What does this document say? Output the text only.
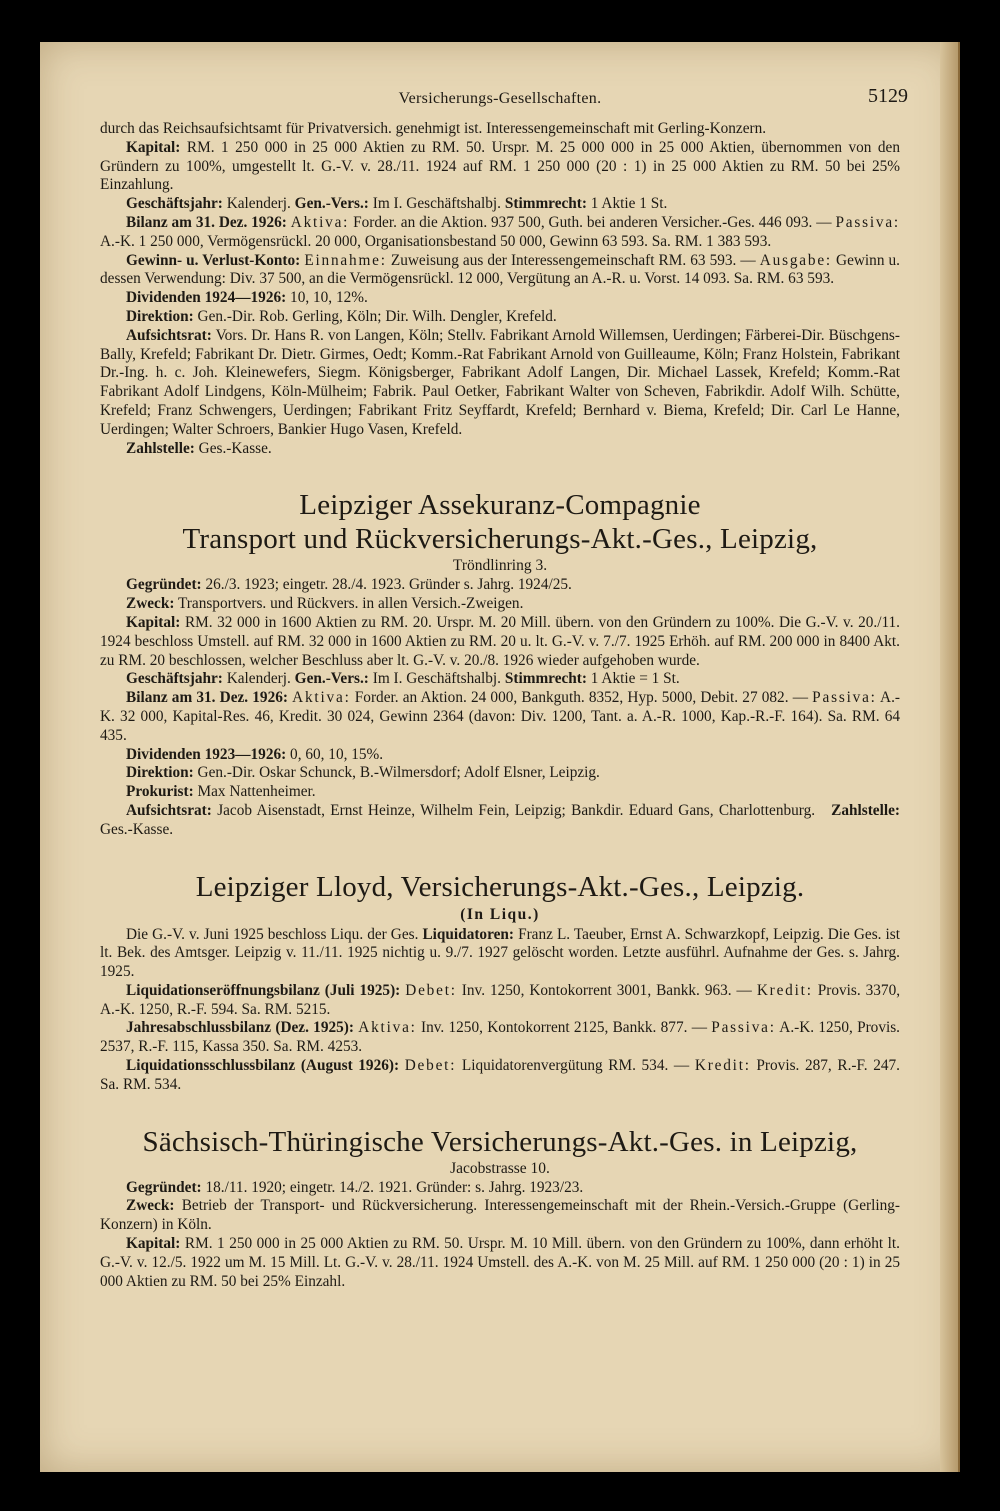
Versicherungs-Gesellschaften.	5129

durch das Reichsaufsichtsamt für Privatversich. genehmigt ist. Interessengemeinschaft mit Gerling-Konzern.

Kapital: RM. 1 250 000 in 25 000 Aktien zu RM. 50. Urspr. M. 25 000 000 in 25 000 Aktien, übernommen von den Gründern zu 100%, umgestellt lt. G.-V. v. 28./11. 1924 auf RM. 1 250 000 (20 : 1) in 25 000 Aktien zu RM. 50 bei 25% Einzahlung.

Geschäftsjahr: Kalenderj. Gen.-Vers.: Im I. Geschäftshalbj. Stimmrecht: 1 Aktie 1 St.

Bilanz am 31. Dez. 1926: Aktiva: Forder. an die Aktion. 937 500, Guth. bei anderen Versicher.-Ges. 446 093. — Passiva: A.-K. 1 250 000, Vermögensrückl. 20 000, Organisationsbestand 50 000, Gewinn 63 593. Sa. RM. 1 383 593.

Gewinn- u. Verlust-Konto: Einnahme: Zuweisung aus der Interessengemeinschaft RM. 63 593. — Ausgabe: Gewinn u. dessen Verwendung: Div. 37 500, an die Vermögensrückl. 12 000, Vergütung an A.-R. u. Vorst. 14 093. Sa. RM. 63 593.

Dividenden 1924—1926: 10, 10, 12%.

Direktion: Gen.-Dir. Rob. Gerling, Köln; Dir. Wilh. Dengler, Krefeld.

Aufsichtsrat: Vors. Dr. Hans R. von Langen, Köln; Stellv. Fabrikant Arnold Willemsen, Uerdingen; Färberei-Dir. Büschgens-Bally, Krefeld; Fabrikant Dr. Dietr. Girmes, Oedt; Komm.-Rat Fabrikant Arnold von Guilleaume, Köln; Franz Holstein, Fabrikant Dr.-Ing. h. c. Joh. Kleinewefers, Siegm. Königsberger, Fabrikant Adolf Langen, Dir. Michael Lassek, Krefeld; Komm.-Rat Fabrikant Adolf Lindgens, Köln-Mülheim; Fabrik. Paul Oetker, Fabrikant Walter von Scheven, Fabrikdir. Adolf Wilh. Schütte, Krefeld; Franz Schwengers, Uerdingen; Fabrikant Fritz Seyffardt, Krefeld; Bernhard v. Biema, Krefeld; Dir. Carl Le Hanne, Uerdingen; Walter Schroers, Bankier Hugo Vasen, Krefeld.

Zahlstelle: Ges.-Kasse.

Leipziger Assekuranz-Compagnie
Transport und Rückversicherungs-Akt.-Ges., Leipzig,
Tröndlinring 3.

Gegründet: 26./3. 1923; eingetr. 28./4. 1923. Gründer s. Jahrg. 1924/25.

Zweck: Transportvers. und Rückvers. in allen Versich.-Zweigen.

Kapital: RM. 32 000 in 1600 Aktien zu RM. 20. Urspr. M. 20 Mill. übern. von den Gründern zu 100%. Die G.-V. v. 20./11. 1924 beschloss Umstell. auf RM. 32 000 in 1600 Aktien zu RM. 20 u. lt. G.-V. v. 7./7. 1925 Erhöh. auf RM. 200 000 in 8400 Akt. zu RM. 20 beschlossen, welcher Beschluss aber lt. G.-V. v. 20./8. 1926 wieder aufgehoben wurde.

Geschäftsjahr: Kalenderj. Gen.-Vers.: Im I. Geschäftshalbj. Stimmrecht: 1 Aktie = 1 St.

Bilanz am 31. Dez. 1926: Aktiva: Forder. an Aktion. 24 000, Bankguth. 8352, Hyp. 5000, Debit. 27 082. — Passiva: A.-K. 32 000, Kapital-Res. 46, Kredit. 30 024, Gewinn 2364 (davon: Div. 1200, Tant. a. A.-R. 1000, Kap.-R.-F. 164). Sa. RM. 64 435.

Dividenden 1923—1926: 0, 60, 10, 15%.

Direktion: Gen.-Dir. Oskar Schunck, B.-Wilmersdorf; Adolf Elsner, Leipzig.

Prokurist: Max Nattenheimer.

Aufsichtsrat: Jacob Aisenstadt, Ernst Heinze, Wilhelm Fein, Leipzig; Bankdir. Eduard Gans, Charlottenburg. Zahlstelle: Ges.-Kasse.

Leipziger Lloyd, Versicherungs-Akt.-Ges., Leipzig.
(In Liqu.)

Die G.-V. v. Juni 1925 beschloss Liqu. der Ges. Liquidatoren: Franz L. Taeuber, Ernst A. Schwarzkopf, Leipzig. Die Ges. ist lt. Bek. des Amtsger. Leipzig v. 11./11. 1925 nichtig u. 9./7. 1927 gelöscht worden. Letzte ausführl. Aufnahme der Ges. s. Jahrg. 1925.

Liquidationseröffnungsbilanz (Juli 1925): Debet: Inv. 1250, Kontokorrent 3001, Bankk. 963. — Kredit: Provis. 3370, A.-K. 1250, R.-F. 594. Sa. RM. 5215.

Jahresabschlussbilanz (Dez. 1925): Aktiva: Inv. 1250, Kontokorrent 2125, Bankk. 877. — Passiva: A.-K. 1250, Provis. 2537, R.-F. 115, Kassa 350. Sa. RM. 4253.

Liquidationsschlussbilanz (August 1926): Debet: Liquidatorenvergütung RM. 534. — Kredit: Provis. 287, R.-F. 247. Sa. RM. 534.

Sächsisch-Thüringische Versicherungs-Akt.-Ges. in Leipzig,
Jacobstrasse 10.

Gegründet: 18./11. 1920; eingetr. 14./2. 1921. Gründer: s. Jahrg. 1923/23.

Zweck: Betrieb der Transport- und Rückversicherung. Interessengemeinschaft mit der Rhein.-Versich.-Gruppe (Gerling-Konzern) in Köln.

Kapital: RM. 1 250 000 in 25 000 Aktien zu RM. 50. Urspr. M. 10 Mill. übern. von den Gründern zu 100%, dann erhöht lt. G.-V. v. 12./5. 1922 um M. 15 Mill. Lt. G.-V. v. 28./11. 1924 Umstell. des A.-K. von M. 25 Mill. auf RM. 1 250 000 (20 : 1) in 25 000 Aktien zu RM. 50 bei 25% Einzahl.
